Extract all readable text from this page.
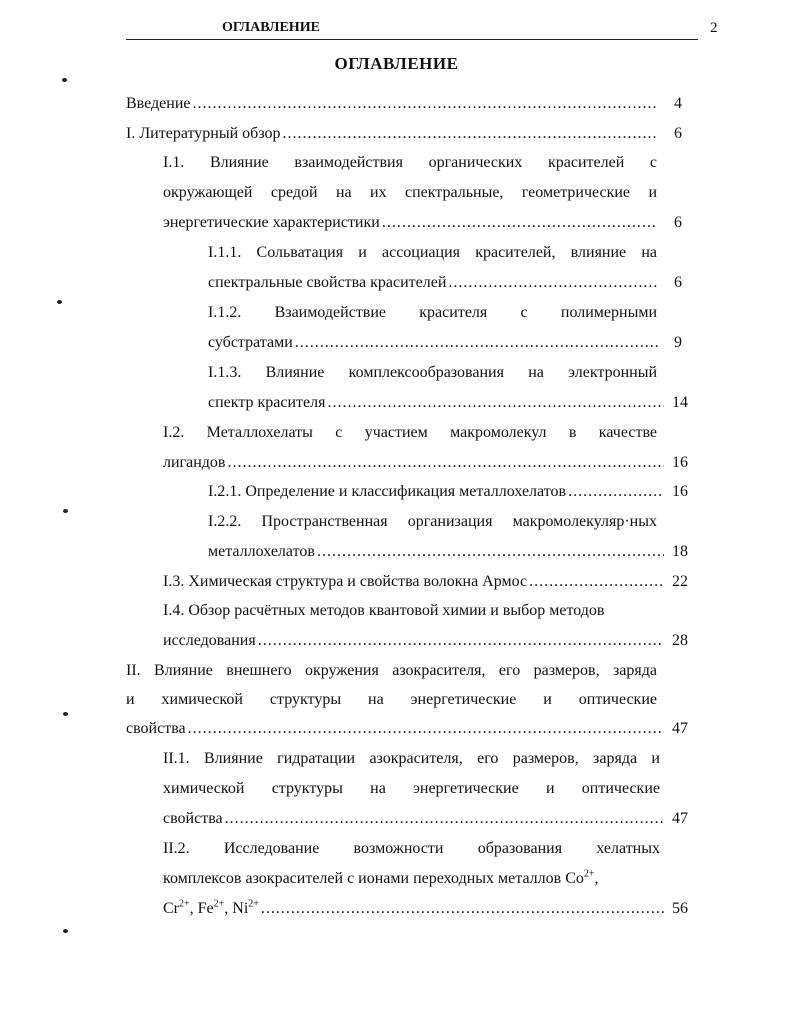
ОГЛАВЛЕНИЕ	2
ОГЛАВЛЕНИЕ
Введение .....	4
I. Литературный обзор .....	6
I.1. Влияние взаимодействия органических красителей с
окружающей средой на их спектральные, геометрические и
энергетические характеристики .....	6
I.1.1. Сольватация и ассоциация красителей, влияние на
спектральные свойства красителей .....	6
I.1.2. Взаимодействие красителя с полимерными
субстратами .....	9
I.1.3. Влияние комплексообразования на электронный
спектр красителя .....	14
I.2. Металлохелаты с участием макромолекул в качестве
лигандов .....	16
I.2.1. Определение и классификация металлохелатов .....	16
I.2.2. Пространственная организация макромолекуляр·ных
металлохелатов .....	18
I.3. Химическая структура и свойства волокна Армос .....	22
I.4. Обзор расчётных методов квантовой химии и выбор методов
исследования .....	28
II. Влияние внешнего окружения азокрасителя, его размеров, заряда
и химической структуры на энергетические и оптические
свойства .....	47
II.1. Влияние гидратации азокрасителя, его размеров, заряда и
химической структуры на энергетические и оптические
свойства .....	47
II.2. Исследование возможности образования хелатных
комплексов азокрасителей с ионами переходных металлов $Co^{2+}$,
$Cr^{2+}$, $Fe^{2+}$, $Ni^{2+}$ .....	56
